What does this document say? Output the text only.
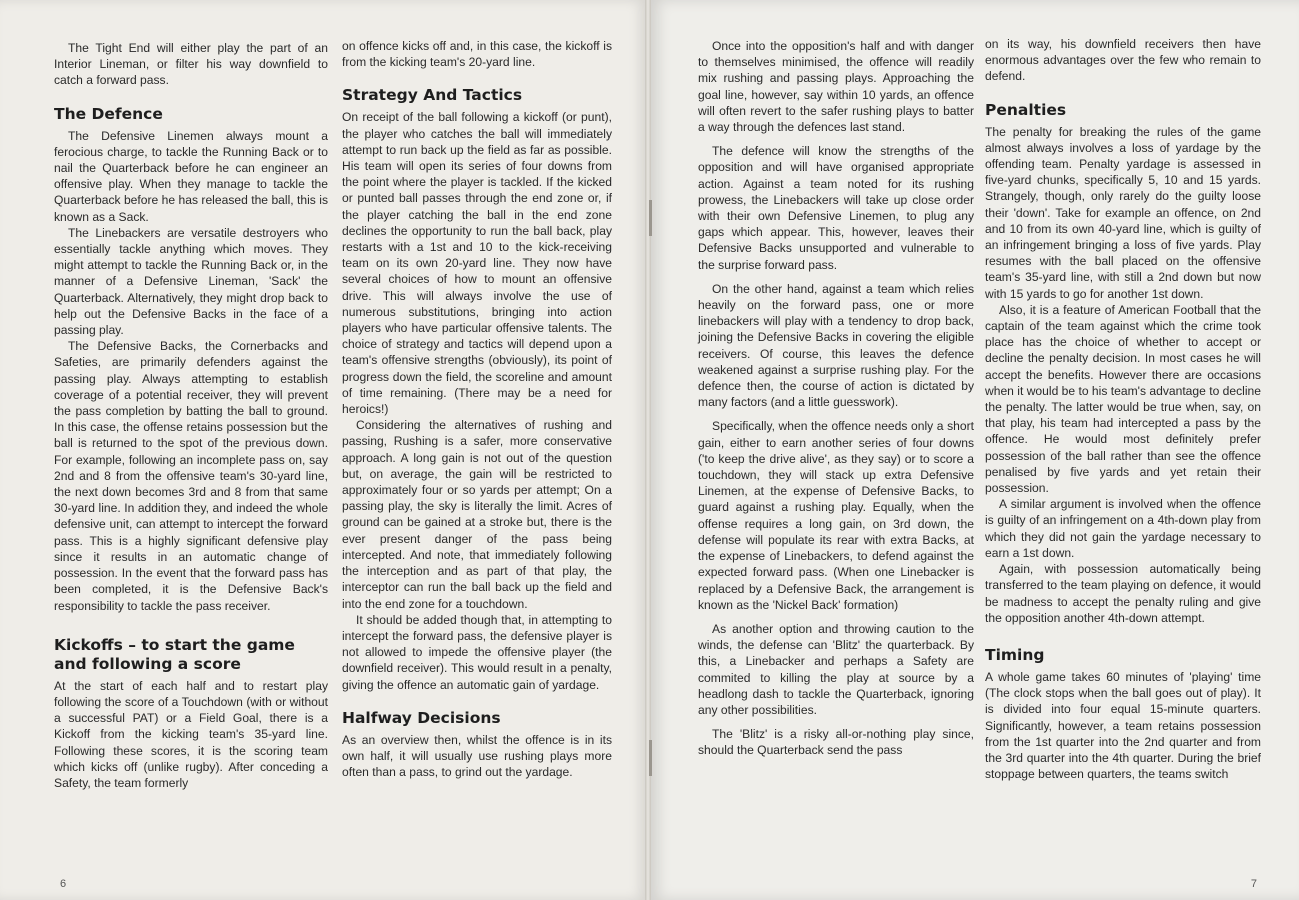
The Tight End will either play the part of an Interior Lineman, or filter his way downfield to catch a forward pass.

The Defence

The Defensive Linemen always mount a ferocious charge, to tackle the Running Back or to nail the Quarterback before he can engineer an offensive play. When they manage to tackle the Quarterback before he has released the ball, this is known as a Sack.

The Linebackers are versatile destroyers who essentially tackle anything which moves. They might attempt to tackle the Running Back or, in the manner of a Defensive Lineman, 'Sack' the Quarterback. Alternatively, they might drop back to help out the Defensive Backs in the face of a passing play.

The Defensive Backs, the Cornerbacks and Safeties, are primarily defenders against the passing play. Always attempting to establish coverage of a potential receiver, they will prevent the pass completion by batting the ball to ground. In this case, the offense retains possession but the ball is returned to the spot of the previous down. For example, following an incomplete pass on, say 2nd and 8 from the offensive team's 30-yard line, the next down becomes 3rd and 8 from that same 30-yard line. In addition they, and indeed the whole defensive unit, can attempt to intercept the forward pass. This is a highly significant defensive play since it results in an automatic change of possession. In the event that the forward pass has been completed, it is the Defensive Back's responsibility to tackle the pass receiver.

Kickoffs – to start the game and following a score

At the start of each half and to restart play following the score of a Touchdown (with or without a successful PAT) or a Field Goal, there is a Kickoff from the kicking team's 35-yard line. Following these scores, it is the scoring team which kicks off (unlike rugby). After conceding a Safety, the team formerly

on offence kicks off and, in this case, the kickoff is from the kicking team's 20-yard line.

Strategy And Tactics

On receipt of the ball following a kickoff (or punt), the player who catches the ball will immediately attempt to run back up the field as far as possible. His team will open its series of four downs from the point where the player is tackled. If the kicked or punted ball passes through the end zone or, if the player catching the ball in the end zone declines the opportunity to run the ball back, play restarts with a 1st and 10 to the kick-receiving team on its own 20-yard line. They now have several choices of how to mount an offensive drive. This will always involve the use of numerous substitutions, bringing into action players who have particular offensive talents. The choice of strategy and tactics will depend upon a team's offensive strengths (obviously), its point of progress down the field, the scoreline and amount of time remaining. (There may be a need for heroics!)

Considering the alternatives of rushing and passing, Rushing is a safer, more conservative approach. A long gain is not out of the question but, on average, the gain will be restricted to approximately four or so yards per attempt; On a passing play, the sky is literally the limit. Acres of ground can be gained at a stroke but, there is the ever present danger of the pass being intercepted. And note, that immediately following the interception and as part of that play, the interceptor can run the ball back up the field and into the end zone for a touchdown.

It should be added though that, in attempting to intercept the forward pass, the defensive player is not allowed to impede the offensive player (the downfield receiver). This would result in a penalty, giving the offence an automatic gain of yardage.

Halfway Decisions

As an overview then, whilst the offence is in its own half, it will usually use rushing plays more often than a pass, to grind out the yardage.

6

Once into the opposition's half and with danger to themselves minimised, the offence will readily mix rushing and passing plays. Approaching the goal line, however, say within 10 yards, an offence will often revert to the safer rushing plays to batter a way through the defences last stand.

The defence will know the strengths of the opposition and will have organised appropriate action. Against a team noted for its rushing prowess, the Linebackers will take up close order with their own Defensive Linemen, to plug any gaps which appear. This, however, leaves their Defensive Backs unsupported and vulnerable to the surprise forward pass.

On the other hand, against a team which relies heavily on the forward pass, one or more linebackers will play with a tendency to drop back, joining the Defensive Backs in covering the eligible receivers. Of course, this leaves the defence weakened against a surprise rushing play. For the defence then, the course of action is dictated by many factors (and a little guesswork).

Specifically, when the offence needs only a short gain, either to earn another series of four downs ('to keep the drive alive', as they say) or to score a touchdown, they will stack up extra Defensive Linemen, at the expense of Defensive Backs, to guard against a rushing play. Equally, when the offense requires a long gain, on 3rd down, the defense will populate its rear with extra Backs, at the expense of Linebackers, to defend against the expected forward pass. (When one Linebacker is replaced by a Defensive Back, the arrangement is known as the 'Nickel Back' formation)

As another option and throwing caution to the winds, the defense can 'Blitz' the quarterback. By this, a Linebacker and perhaps a Safety are commited to killing the play at source by a headlong dash to tackle the Quarterback, ignoring any other possibilities.

The 'Blitz' is a risky all-or-nothing play since, should the Quarterback send the pass

on its way, his downfield receivers then have enormous advantages over the few who remain to defend.

Penalties

The penalty for breaking the rules of the game almost always involves a loss of yardage by the offending team. Penalty yardage is assessed in five-yard chunks, specifically 5, 10 and 15 yards. Strangely, though, only rarely do the guilty loose their 'down'. Take for example an offence, on 2nd and 10 from its own 40-yard line, which is guilty of an infringement bringing a loss of five yards. Play resumes with the ball placed on the offensive team's 35-yard line, with still a 2nd down but now with 15 yards to go for another 1st down.

Also, it is a feature of American Football that the captain of the team against which the crime took place has the choice of whether to accept or decline the penalty decision. In most cases he will accept the benefits. However there are occasions when it would be to his team's advantage to decline the penalty. The latter would be true when, say, on that play, his team had intercepted a pass by the offence. He would most definitely prefer possession of the ball rather than see the offence penalised by five yards and yet retain their possession.

A similar argument is involved when the offence is guilty of an infringement on a 4th-down play from which they did not gain the yardage necessary to earn a 1st down.

Again, with possession automatically being transferred to the team playing on defence, it would be madness to accept the penalty ruling and give the opposition another 4th-down attempt.

Timing

A whole game takes 60 minutes of 'playing' time (The clock stops when the ball goes out of play). It is divided into four equal 15-minute quarters. Significantly, however, a team retains possession from the 1st quarter into the 2nd quarter and from the 3rd quarter into the 4th quarter. During the brief stoppage between quarters, the teams switch

7
